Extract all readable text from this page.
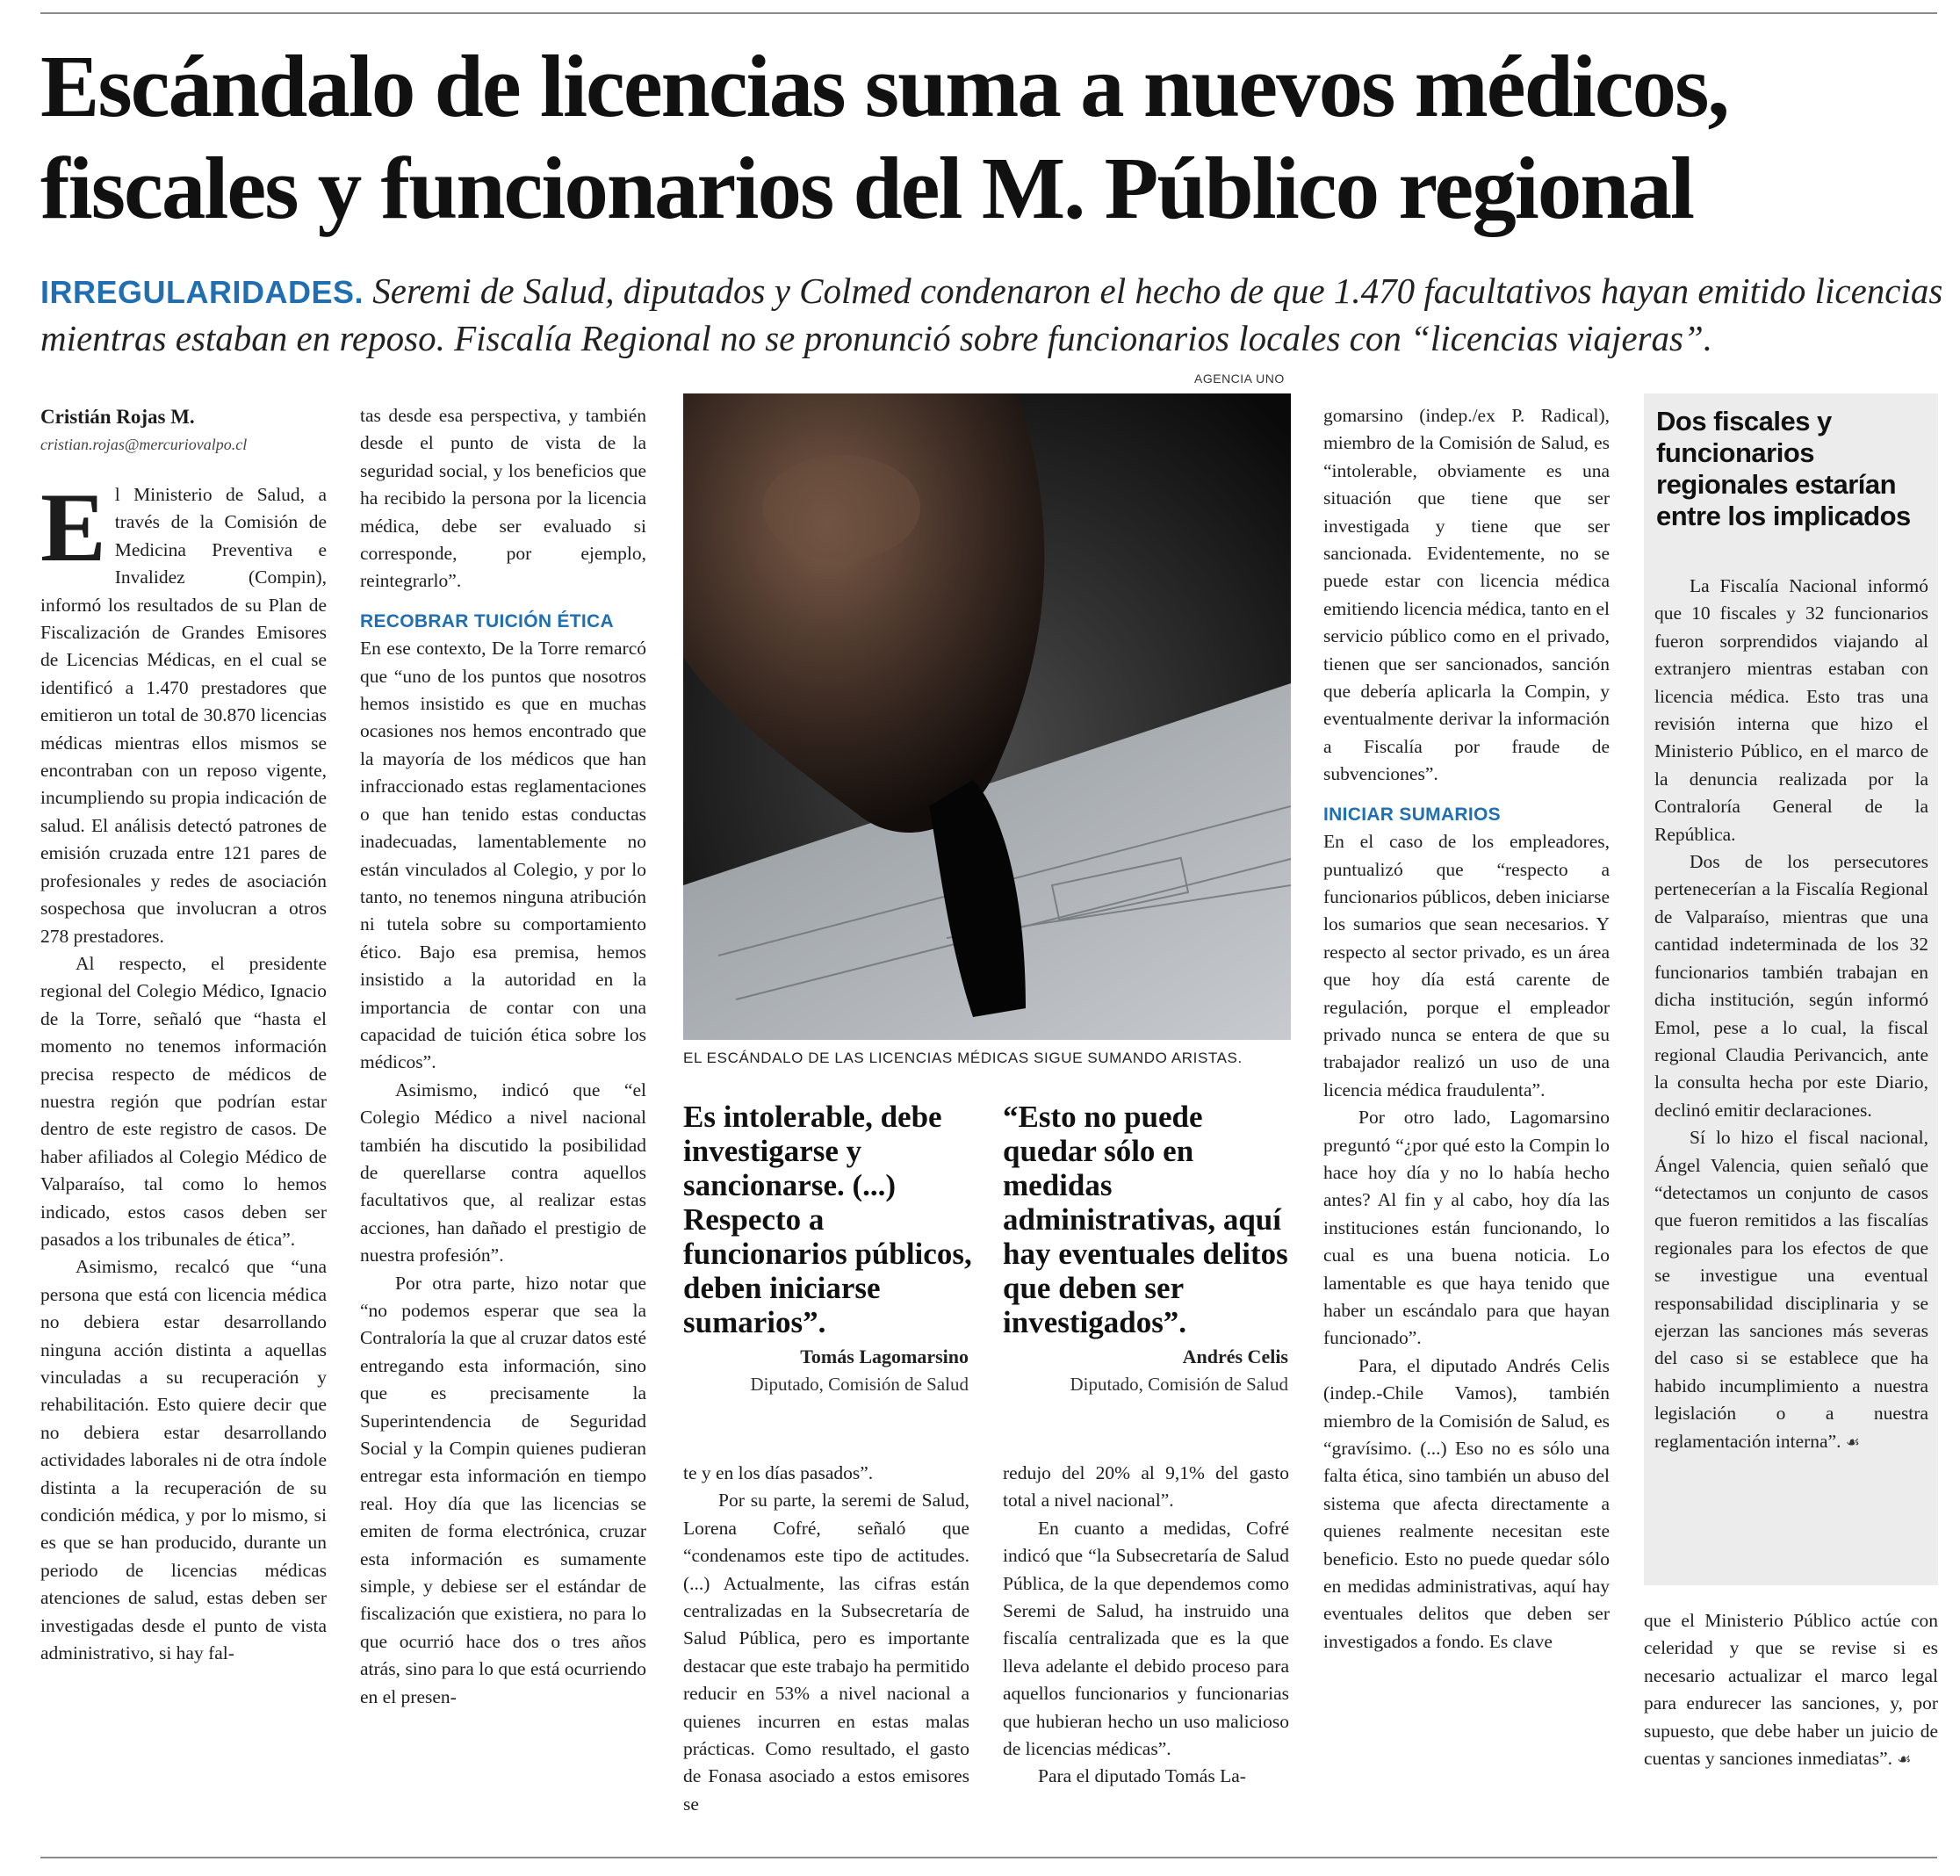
Escándalo de licencias suma a nuevos médicos,
fiscales y funcionarios del M. Público regional
IRREGULARIDADES. Seremi de Salud, diputados y Colmed condenaron el hecho de que 1.470 facultativos hayan emitido licencias mientras estaban en reposo. Fiscalía Regional no se pronunció sobre funcionarios locales con “licencias viajeras”.

Cristián Rojas M.

cristian.rojas@mercuriovalpo.cl

El Ministerio de Salud, a través de la Comisión de Medicina Preventiva e Invalidez (Compin), informó los resultados de su Plan de Fiscalización de Grandes Emisores de Licencias Médicas, en el cual se identificó a 1.470 prestadores que emitieron un total de 30.870 licencias médicas mientras ellos mismos se encontraban con un reposo vigente, incumpliendo su propia indicación de salud. El análisis detectó patrones de emisión cruzada entre 121 pares de profesionales y redes de asociación sospechosa que involucran a otros 278 prestadores.

Al respecto, el presidente regional del Colegio Médico, Ignacio de la Torre, señaló que “hasta el momento no tenemos información precisa respecto de médicos de nuestra región que podrían estar dentro de este registro de casos. De haber afiliados al Colegio Médico de Valparaíso, tal como lo hemos indicado, estos casos deben ser pasados a los tribunales de ética”.

Asimismo, recalcó que “una persona que está con licencia médica no debiera estar desarrollando ninguna acción distinta a aquellas vinculadas a su recuperación y rehabilitación. Esto quiere decir que no debiera estar desarrollando actividades laborales ni de otra índole distinta a la recuperación de su condición médica, y por lo mismo, si es que se han producido, durante un periodo de licencias médicas atenciones de salud, estas deben ser investigadas desde el punto de vista administrativo, si hay fal-

tas desde esa perspectiva, y también desde el punto de vista de la seguridad social, y los beneficios que ha recibido la persona por la licencia médica, debe ser evaluado si corresponde, por ejemplo, reintegrarlo”.

RECOBRAR TUICIÓN ÉTICA

En ese contexto, De la Torre remarcó que “uno de los puntos que nosotros hemos insistido es que en muchas ocasiones nos hemos encontrado que la mayoría de los médicos que han infraccionado estas reglamentaciones o que han tenido estas conductas inadecuadas, lamentablemente no están vinculados al Colegio, y por lo tanto, no tenemos ninguna atribución ni tutela sobre su comportamiento ético. Bajo esa premisa, hemos insistido a la autoridad en la importancia de contar con una capacidad de tuición ética sobre los médicos”.

Asimismo, indicó que “el Colegio Médico a nivel nacional también ha discutido la posibilidad de querellarse contra aquellos facultativos que, al realizar estas acciones, han dañado el prestigio de nuestra profesión”.

Por otra parte, hizo notar que “no podemos esperar que sea la Contraloría la que al cruzar datos esté entregando esta información, sino que es precisamente la Superintendencia de Seguridad Social y la Compin quienes pudieran entregar esta información en tiempo real. Hoy día que las licencias se emiten de forma electrónica, cruzar esta información es sumamente simple, y debiese ser el estándar de fiscalización que existiera, no para lo que ocurrió hace dos o tres años atrás, sino para lo que está ocurriendo en el presen-

AGENCIA UNO
EL ESCÁNDALO DE LAS LICENCIAS MÉDICAS SIGUE SUMANDO ARISTAS.
Es intolerable, debe investigarse y sancionarse. (...) Respecto a funcionarios públicos, deben iniciarse sumarios”.
Tomás Lagomarsino
Diputado, Comisión de Salud
“Esto no puede quedar sólo en medidas administrativas, aquí hay eventuales delitos que deben ser investigados”.
Andrés Celis
Diputado, Comisión de Salud

te y en los días pasados”.

Por su parte, la seremi de Salud, Lorena Cofré, señaló que “condenamos este tipo de actitudes. (...) Actualmente, las cifras están centralizadas en la Subsecretaría de Salud Pública, pero es importante destacar que este trabajo ha permitido reducir en 53% a nivel nacional a quienes incurren en estas malas prácticas. Como resultado, el gasto de Fonasa asociado a estos emisores se

redujo del 20% al 9,1% del gasto total a nivel nacional”.

En cuanto a medidas, Cofré indicó que “la Subsecretaría de Salud Pública, de la que dependemos como Seremi de Salud, ha instruido una fiscalía centralizada que es la que lleva adelante el debido proceso para aquellos funcionarios y funcionarias que hubieran hecho un uso malicioso de licencias médicas”.

Para el diputado Tomás La-

gomarsino (indep./ex P. Radical), miembro de la Comisión de Salud, es “intolerable, obviamente es una situación que tiene que ser investigada y tiene que ser sancionada. Evidentemente, no se puede estar con licencia médica emitiendo licencia médica, tanto en el servicio público como en el privado, tienen que ser sancionados, sanción que debería aplicarla la Compin, y eventualmente derivar la información a Fiscalía por fraude de subvenciones”.

INICIAR SUMARIOS

En el caso de los empleadores, puntualizó que “respecto a funcionarios públicos, deben iniciarse los sumarios que sean necesarios. Y respecto al sector privado, es un área que hoy día está carente de regulación, porque el empleador privado nunca se entera de que su trabajador realizó un uso de una licencia médica fraudulenta”.

Por otro lado, Lagomarsino preguntó “¿por qué esto la Compin lo hace hoy día y no lo había hecho antes? Al fin y al cabo, hoy día las instituciones están funcionando, lo cual es una buena noticia. Lo lamentable es que haya tenido que haber un escándalo para que hayan funcionado”.

Para, el diputado Andrés Celis (indep.-Chile Vamos), también miembro de la Comisión de Salud, es “gravísimo. (...) Eso no es sólo una falta ética, sino también un abuso del sistema que afecta directamente a quienes realmente necesitan este beneficio. Esto no puede quedar sólo en medidas administrativas, aquí hay eventuales delitos que deben ser investigados a fondo. Es clave

Dos fiscales y funcionarios regionales estarían entre los implicados

La Fiscalía Nacional informó que 10 fiscales y 32 funcionarios fueron sorprendidos viajando al extranjero mientras estaban con licencia médica. Esto tras una revisión interna que hizo el Ministerio Público, en el marco de la denuncia realizada por la Contraloría General de la República.

Dos de los persecutores pertenecerían a la Fiscalía Regional de Valparaíso, mientras que una cantidad indeterminada de los 32 funcionarios también trabajan en dicha institución, según informó Emol, pese a lo cual, la fiscal regional Claudia Perivancich, ante la consulta hecha por este Diario, declinó emitir declaraciones.

Sí lo hizo el fiscal nacional, Ángel Valencia, quien señaló que “detectamos un conjunto de casos que fueron remitidos a las fiscalías regionales para los efectos de que se investigue una eventual responsabilidad disciplinaria y se ejerzan las sanciones más severas del caso si se establece que ha habido incumplimiento a nuestra legislación o a nuestra reglamentación interna”. ☙

que el Ministerio Público actúe con celeridad y que se revise si es necesario actualizar el marco legal para endurecer las sanciones, y, por supuesto, que debe haber un juicio de cuentas y sanciones inmediatas”. ☙
